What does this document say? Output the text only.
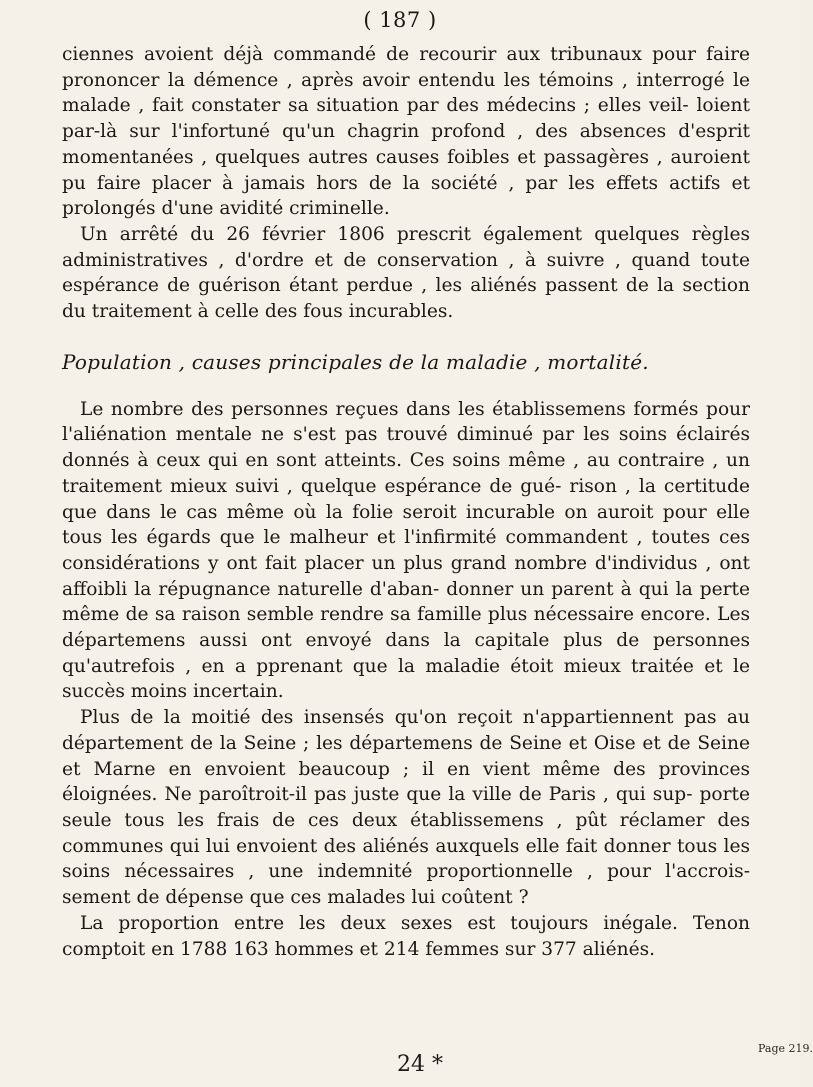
( 187 )

ciennes avoient déjà commandé de recourir aux tribunaux pour faire prononcer la démence , après avoir entendu les témoins , interrogé le malade , fait constater sa situation par des médecins ; elles veil- loient par-là sur l'infortuné qu'un chagrin profond , des absences d'esprit momentanées , quelques autres causes foibles et passagères , auroient pu faire placer à jamais hors de la société , par les effets actifs et prolongés d'une avidité criminelle.

Un arrêté du 26 février 1806 prescrit également quelques règles administratives , d'ordre et de conservation , à suivre , quand toute espérance de guérison étant perdue , les aliénés passent de la section du traitement à celle des fous incurables.

Population , causes principales de la maladie , mortalité.

Le nombre des personnes reçues dans les établissemens formés pour l'aliénation mentale ne s'est pas trouvé diminué par les soins éclairés donnés à ceux qui en sont atteints. Ces soins même , au contraire , un traitement mieux suivi , quelque espérance de gué- rison , la certitude que dans le cas même où la folie seroit incurable on auroit pour elle tous les égards que le malheur et l'infirmité commandent , toutes ces considérations y ont fait placer un plus grand nombre d'individus , ont affoibli la répugnance naturelle d'aban- donner un parent à qui la perte même de sa raison semble rendre sa famille plus nécessaire encore. Les départemens aussi ont envoyé dans la capitale plus de personnes qu'autrefois , en a pprenant que la maladie étoit mieux traitée et le succès moins incertain.

Plus de la moitié des insensés qu'on reçoit n'appartiennent pas au département de la Seine ; les départemens de Seine et Oise et de Seine et Marne en envoient beaucoup ; il en vient même des provinces éloignées. Ne paroîtroit-il pas juste que la ville de Paris , qui sup- porte seule tous les frais de ces deux établissemens , pût réclamer des communes qui lui envoient des aliénés auxquels elle fait donner tous les soins nécessaires , une indemnité proportionnelle , pour l'accrois- sement de dépense que ces malades lui coûtent ?

La proportion entre les deux sexes est toujours inégale. Tenon comptoit en 1788 163 hommes et 214 femmes sur 377 aliénés.

Page 219.
24 *
